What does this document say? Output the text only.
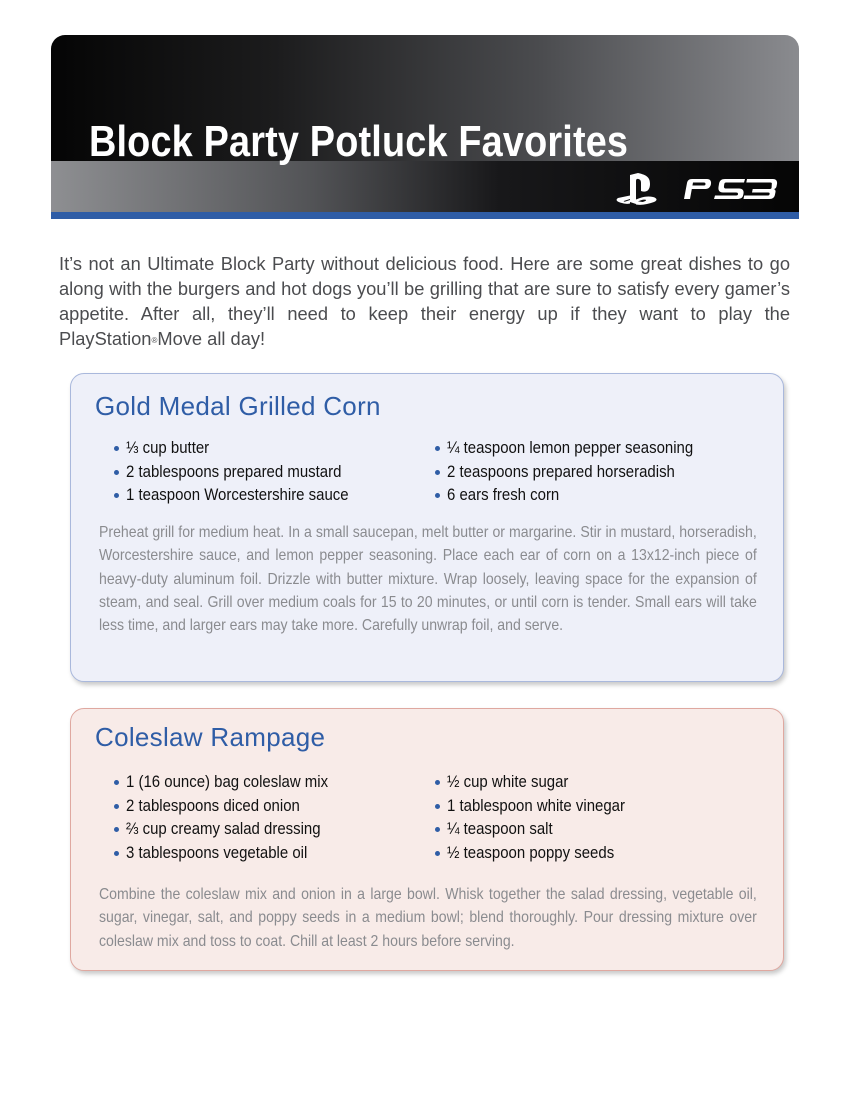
Block Party Potluck Favorites

It’s not an Ultimate Block Party without delicious food. Here are some great dishes to go along with the burgers and hot dogs you’ll be grilling that are sure to satisfy every gamer’s appetite. After all, they’ll need to keep their energy up if they want to play the PlayStation®Move all day!

Gold Medal Grilled Corn
⅓ cup butter
2 tablespoons prepared mustard
1 teaspoon Worcestershire sauce
¼ teaspoon lemon pepper seasoning
2 teaspoons prepared horseradish
6 ears fresh corn

Preheat grill for medium heat. In a small saucepan, melt butter or margarine. Stir in mustard, horseradish, Worcestershire sauce, and lemon pepper seasoning. Place each ear of corn on a 13x12-inch piece of heavy-duty aluminum foil. Drizzle with butter mixture. Wrap loosely, leaving space for the expansion of steam, and seal. Grill over medium coals for 15 to 20 minutes, or until corn is tender. Small ears will take less time, and larger ears may take more. Carefully unwrap foil, and serve.

Coleslaw Rampage
1 (16 ounce) bag coleslaw mix
2 tablespoons diced onion
⅔ cup creamy salad dressing
3 tablespoons vegetable oil
½ cup white sugar
1 tablespoon white vinegar
¼ teaspoon salt
½ teaspoon poppy seeds

Combine the coleslaw mix and onion in a large bowl. Whisk together the salad dressing, vegetable oil, sugar, vinegar, salt, and poppy seeds in a medium bowl; blend thoroughly. Pour dressing mixture over coleslaw mix and toss to coat. Chill at least 2 hours before serving.
